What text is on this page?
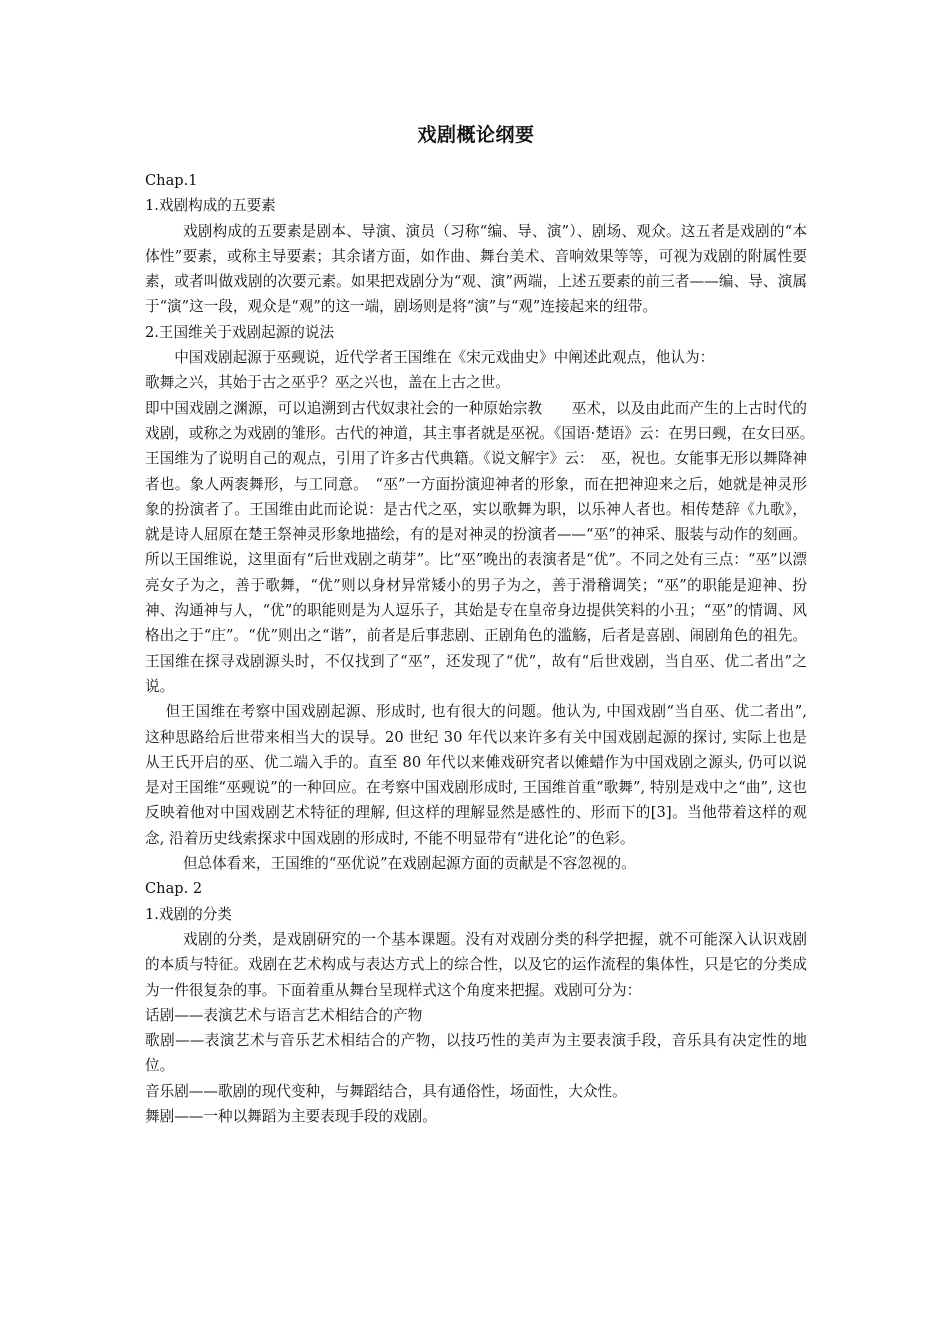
戏剧概论纲要

Chap.1

1.戏剧构成的五要素

戏剧构成的五要素是剧本、导演、演员（习称“编、导、演”）、剧场、观众。这五者是戏剧的“本体性”要素，或称主导要素；其余诸方面，如作曲、舞台美术、音响效果等等，可视为戏剧的附属性要素，或者叫做戏剧的次要元素。如果把戏剧分为“观、演”两端，上述五要素的前三者——编、导、演属于“演”这一段，观众是“观”的这一端，剧场则是将“演”与“观”连接起来的纽带。

2.王国维关于戏剧起源的说法

中国戏剧起源于巫觋说，近代学者王国维在《宋元戏曲史》中阐述此观点，他认为：

歌舞之兴，其始于古之巫乎？巫之兴也，盖在上古之世。

即中国戏剧之渊源，可以追溯到古代奴隶社会的一种原始宗教　　巫术，以及由此而产生的上古时代的戏剧，或称之为戏剧的雏形。古代的神道，其主事者就是巫祝。《国语·楚语》云：在男曰觋，在女曰巫。　王国维为了说明自己的观点，引用了许多古代典籍。《说文解宇》云：　巫，祝也。女能事无形以舞降神者也。象人两袠舞形，与工同意。　“巫”一方面扮演迎神者的形象，而在把神迎来之后，她就是神灵形象的扮演者了。王国维由此而论说：是古代之巫，实以歌舞为职，以乐神人者也。相传楚辞《九歌》，就是诗人屈原在楚王祭神灵形象地描绘，有的是对神灵的扮演者——“巫”的神采、服装与动作的刻画。所以王国维说，这里面有“后世戏剧之萌芽”。比“巫”晚出的表演者是“优”。不同之处有三点：“巫”以漂亮女子为之，善于歌舞，“优”则以身材异常矮小的男子为之，善于滑稽调笑；“巫”的职能是迎神、扮神、沟通神与人，“优”的职能则是为人逗乐子，其始是专在皇帝身边提供笑料的小丑；“巫”的情调、风格出之于“庄”。“优”则出之“谐”，前者是后事悲剧、正剧角色的滥觞，后者是喜剧、闹剧角色的祖先。王国维在探寻戏剧源头时，不仅找到了“巫”，还发现了“优”，故有“后世戏剧，当自巫、优二者出”之说。

但王国维在考察中国戏剧起源、形成时, 也有很大的问题。他认为, 中国戏剧“当自巫、优二者出”, 这种思路给后世带来相当大的误导。20 世纪 30 年代以来许多有关中国戏剧起源的探讨, 实际上也是从王氏开启的巫、优二端入手的。直至 80 年代以来傩戏研究者以傩蜡作为中国戏剧之源头, 仍可以说是对王国维“巫觋说”的一种回应。在考察中国戏剧形成时, 王国维首重“歌舞”, 特别是戏中之“曲”, 这也反映着他对中国戏剧艺术特征的理解, 但这样的理解显然是感性的、形而下的[3]。当他带着这样的观念, 沿着历史线索探求中国戏剧的形成时, 不能不明显带有“进化论”的色彩。

但总体看来，王国维的“巫优说”在戏剧起源方面的贡献是不容忽视的。

Chap. 2

1.戏剧的分类

戏剧的分类，是戏剧研究的一个基本课题。没有对戏剧分类的科学把握，就不可能深入认识戏剧的本质与特征。戏剧在艺术构成与表达方式上的综合性，以及它的运作流程的集体性，只是它的分类成为一件很复杂的事。下面着重从舞台呈现样式这个角度来把握。戏剧可分为：

话剧——表演艺术与语言艺术相结合的产物

歌剧——表演艺术与音乐艺术相结合的产物，以技巧性的美声为主要表演手段，音乐具有决定性的地位。

音乐剧——歌剧的现代变种，与舞蹈结合，具有通俗性，场面性，大众性。

舞剧——一种以舞蹈为主要表现手段的戏剧。
